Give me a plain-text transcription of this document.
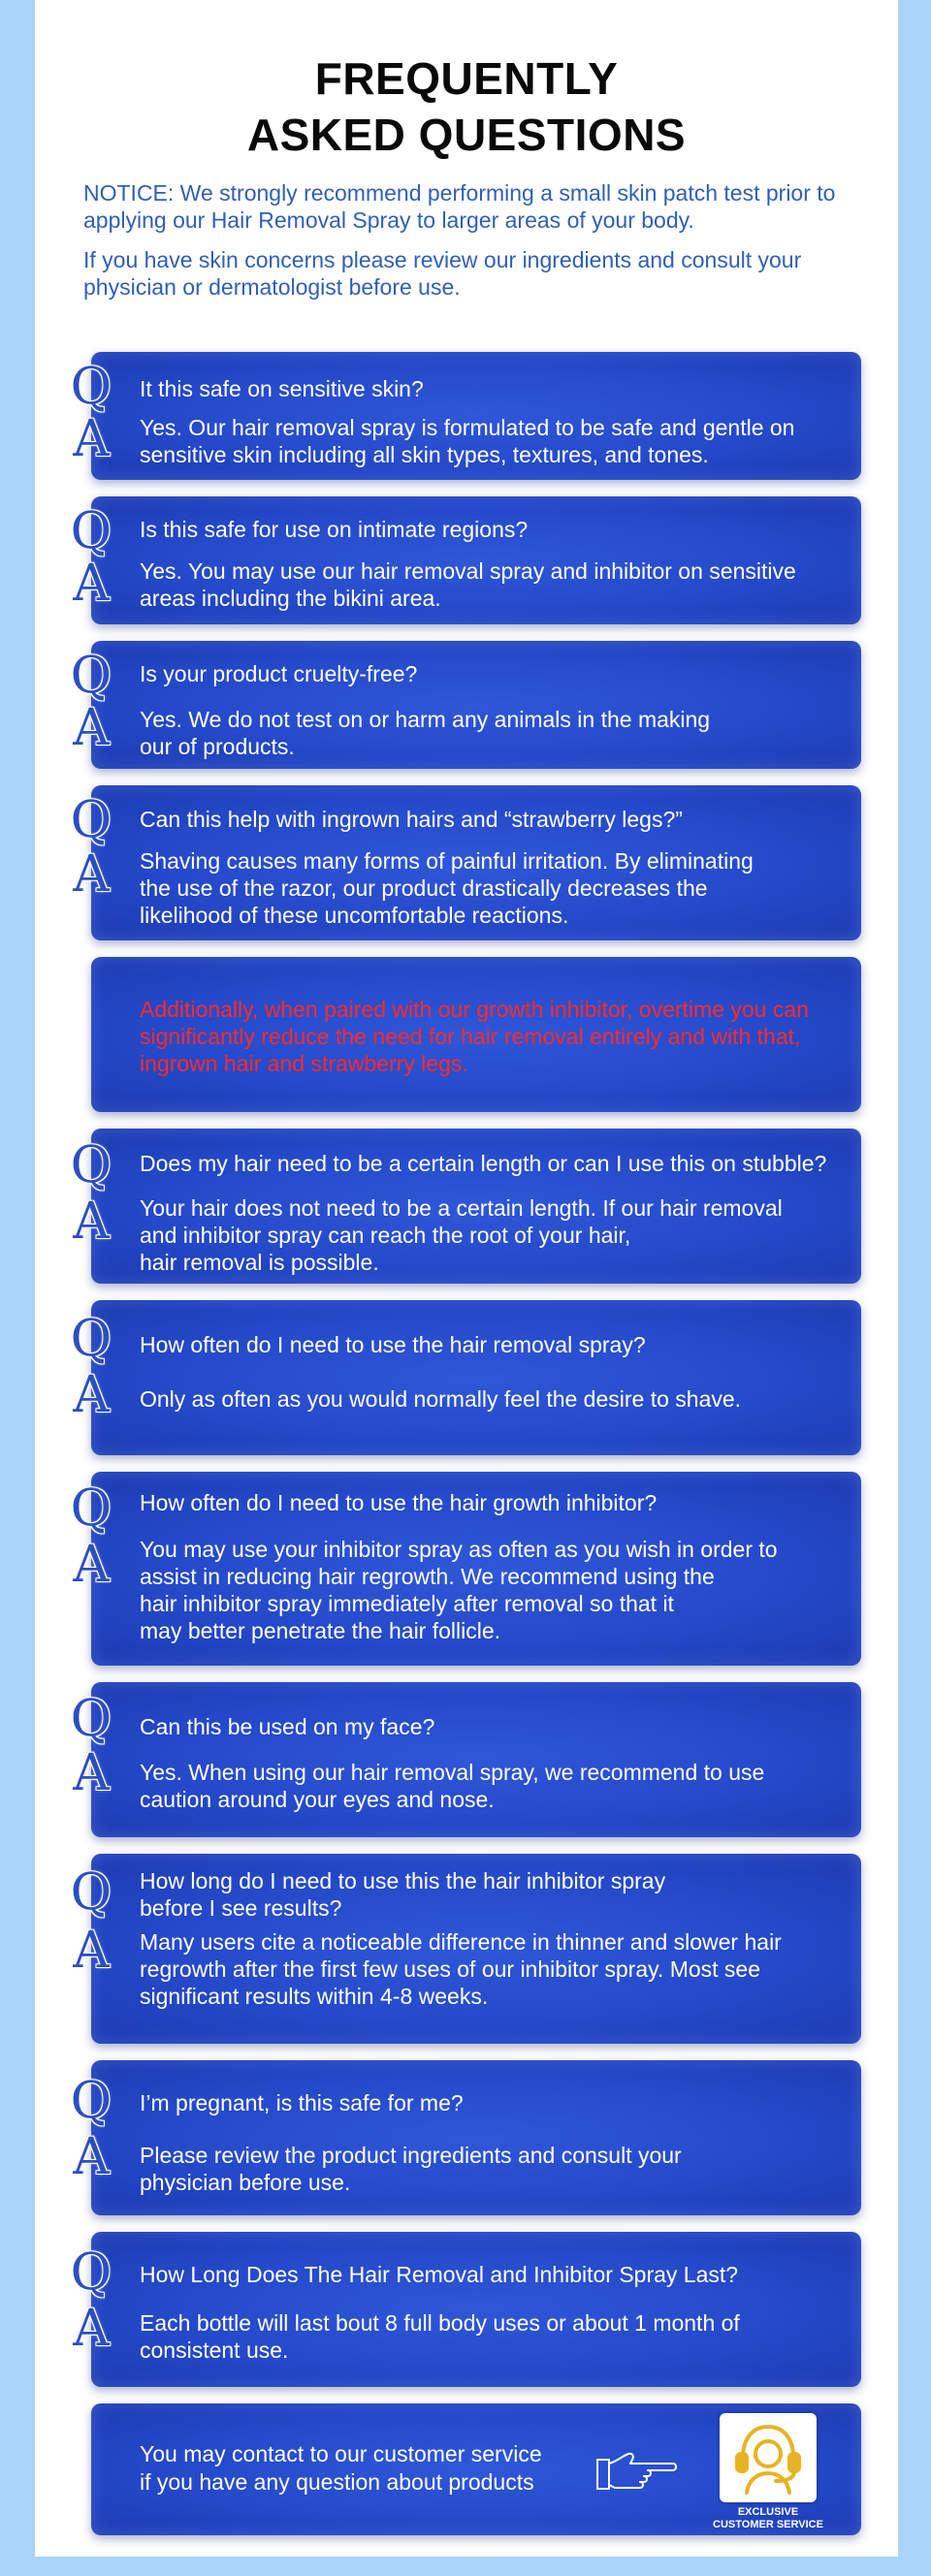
FREQUENTLY
ASKED QUESTIONS

NOTICE: We strongly recommend performing a small skin patch test prior to applying our Hair Removal Spray to larger areas of your body.

If you have skin concerns please review our ingredients and consult your physician or dermatologist before use.

Q
A

It this safe on sensitive skin?

Yes. Our hair removal spray is formulated to be safe and gentle on sensitive skin including all skin types, textures, and tones.

Q
A

Is this safe for use on intimate regions?

Yes. You may use our hair removal spray and inhibitor on sensitive areas including the bikini area.

Q
A

Is your product cruelty-free?

Yes. We do not test on or harm any animals in the making
our of products.

Q
A

Can this help with ingrown hairs and “strawberry legs?”

Shaving causes many forms of painful irritation. By eliminating
the use of the razor, our product drastically decreases the
likelihood of these uncomfortable reactions.

Additionally, when paired with our growth inhibitor, overtime you can significantly reduce the need for hair removal entirely and with that, ingrown hair and strawberry legs.

Q
A

Does my hair need to be a certain length or can I use this on stubble?

Your hair does not need to be a certain length. If our hair removal
and inhibitor spray can reach the root of your hair,
hair removal is possible.

Q
A

How often do I need to use the hair removal spray?

Only as often as you would normally feel the desire to shave.

Q
A

How often do I need to use the hair growth inhibitor?

You may use your inhibitor spray as often as you wish in order to
assist in reducing hair regrowth. We recommend using the
hair inhibitor spray immediately after removal so that it
may better penetrate the hair follicle.

Q
A

Can this be used on my face?

Yes. When using our hair removal spray, we recommend to use
caution around your eyes and nose.

Q
A

How long do I need to use this the hair inhibitor spray before I see results?

Many users cite a noticeable difference in thinner and slower hair
regrowth after the first few uses of our inhibitor spray. Most see
significant results within 4-8 weeks.

Q
A

I’m pregnant, is this safe for me?

Please review the product ingredients and consult your
physician before use.

Q
A

How Long Does The Hair Removal and Inhibitor Spray Last?

Each bottle will last bout 8 full body uses or about 1 month of
consistent use.

You may contact to our customer service
if you have any question about products

EXCLUSIVE
CUSTOMER SERVICE
